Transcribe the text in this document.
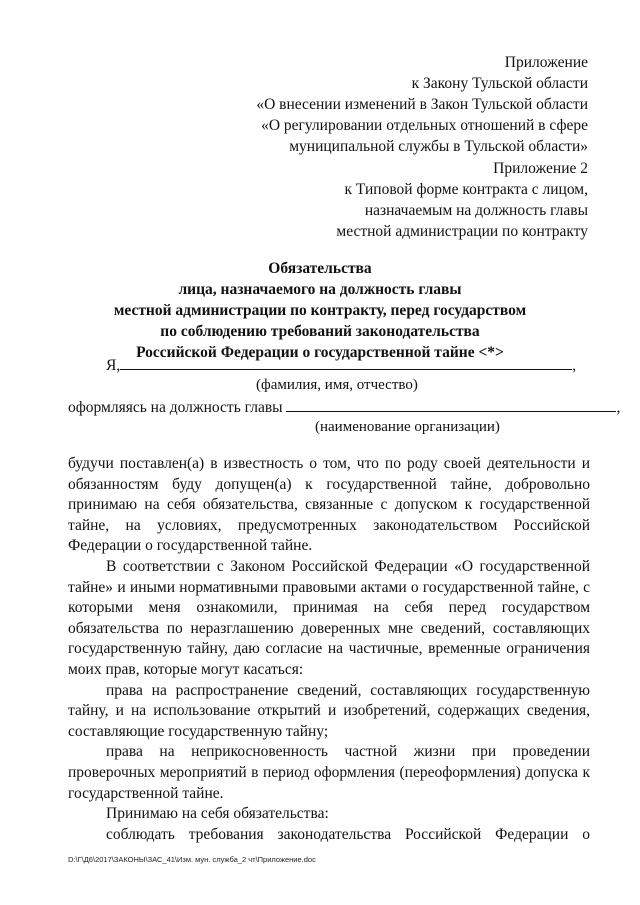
Приложение
к Закону Тульской области
«О внесении изменений в Закон Тульской области
«О регулировании отдельных отношений в сфере
муниципальной службы в Тульской области»
Приложение 2
к Типовой форме контракта с лицом,
назначаемым на должность главы
местной администрации по контракту
Обязательства
лица, назначаемого на должность главы
местной администрации по контракту, перед государством
по соблюдению требований законодательства
Российской Федерации о государственной тайне <*>
Я,	,
(фамилия, имя, отчество)
оформляясь на должность главы	,
(наименование организации)

будучи поставлен(а) в известность о том, что по роду своей деятельности и обязанностям буду допущен(а) к государственной тайне, добровольно принимаю на себя обязательства, связанные с допуском к государственной тайне, на условиях, предусмотренных законодательством Российской Федерации о государственной тайне.

В соответствии с Законом Российской Федерации «О государственной тайне» и иными нормативными правовыми актами о государственной тайне, с которыми меня ознакомили, принимая на себя перед государством обязательства по неразглашению доверенных мне сведений, составляющих государственную тайну, даю согласие на частичные, временные ограничения моих прав, которые могут касаться:

права на распространение сведений, составляющих государственную тайну, и на использование открытий и изобретений, содержащих сведения, составляющие государственную тайну;

права на неприкосновенность частной жизни при проведении проверочных мероприятий в период оформления (переоформления) допуска к государственной тайне.

Принимаю на себя обязательства:

соблюдать требования законодательства Российской Федерации о

D:\Г\Д6\2017\ЗАКОНЫ\ЗАС_41\Изм. мун. служба_2 чт\Приложение.doc
